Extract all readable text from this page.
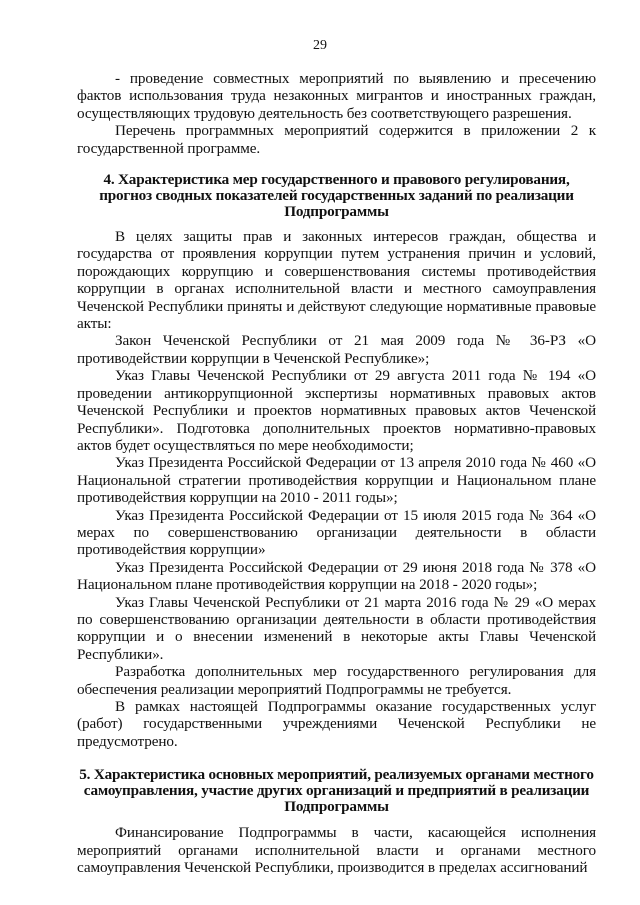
29

- проведение совместных мероприятий по выявлению и пресечению фактов использования труда незаконных мигрантов и иностранных граждан, осуществляющих трудовую деятельность без соответствующего разрешения.

Перечень программных мероприятий содержится в приложении 2 к государственной программе.

4. Характеристика мер государственного и правового регулирования, прогноз сводных показателей государственных заданий по реализации Подпрограммы

В целях защиты прав и законных интересов граждан, общества и государства от проявления коррупции путем устранения причин и условий, порождающих коррупцию и совершенствования системы противодействия коррупции в органах исполнительной власти и местного самоуправления Чеченской Республики приняты и действуют следующие нормативные правовые акты:

Закон Чеченской Республики от 21 мая 2009 года № 36-РЗ «О противодействии коррупции в Чеченской Республике»;

Указ Главы Чеченской Республики от 29 августа 2011 года № 194 «О проведении антикоррупционной экспертизы нормативных правовых актов Чеченской Республики и проектов нормативных правовых актов Чеченской Республики». Подготовка дополнительных проектов нормативно-правовых актов будет осуществляться по мере необходимости;

Указ Президента Российской Федерации от 13 апреля 2010 года № 460 «О Национальной стратегии противодействия коррупции и Национальном плане противодействия коррупции на 2010 - 2011 годы»;

Указ Президента Российской Федерации от 15 июля 2015 года № 364 «О мерах по совершенствованию организации деятельности в области противодействия коррупции»

Указ Президента Российской Федерации от 29 июня 2018 года № 378 «О Национальном плане противодействия коррупции на 2018 - 2020 годы»;

Указ Главы Чеченской Республики от 21 марта 2016 года № 29 «О мерах по совершенствованию организации деятельности в области противодействия коррупции и о внесении изменений в некоторые акты Главы Чеченской Республики».

Разработка дополнительных мер государственного регулирования для обеспечения реализации мероприятий Подпрограммы не требуется.

В рамках настоящей Подпрограммы оказание государственных услуг (работ) государственными учреждениями Чеченской Республики не предусмотрено.

5. Характеристика основных мероприятий, реализуемых органами местного самоуправления, участие других организаций и предприятий в реализации Подпрограммы

Финансирование Подпрограммы в части, касающейся исполнения мероприятий органами исполнительной власти и органами местного самоуправления Чеченской Республики, производится в пределах ассигнований
